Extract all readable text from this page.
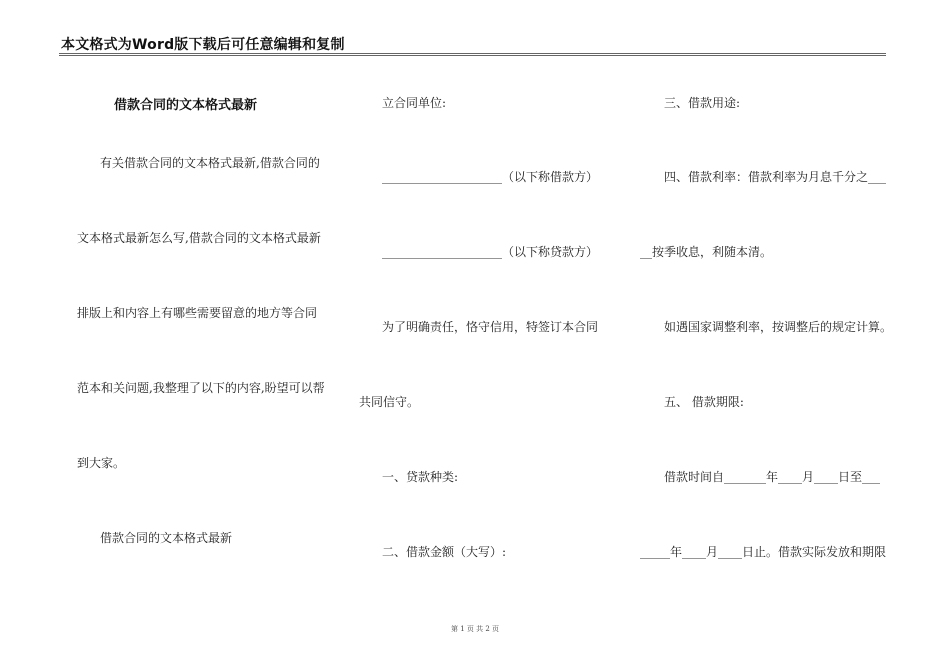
本文格式为Word版下载后可任意编辑和复制
借款合同的文本格式最新
有关借款合同的文本格式最新,借款合同的
文本格式最新怎么写,借款合同的文本格式最新
排版上和内容上有哪些需要留意的地方等合同
范本和关问题,我整理了以下的内容,盼望可以帮
到大家。
借款合同的文本格式最新
立合同单位:
____________________（以下称借款方）
____________________（以下称贷款方）
为了明确责任，恪守信用，特签订本合同
共同信守。
一、贷款种类:
二、借款金额（大写）:
三、借款用途:
四、借款利率：借款利率为月息千分之___
__按季收息，利随本清。
如遇国家调整利率，按调整后的规定计算。
五、 借款期限:
借款时间自_______年____月____日至___
_____年____月____日止。借款实际发放和期限
第 1 页 共 2 页
